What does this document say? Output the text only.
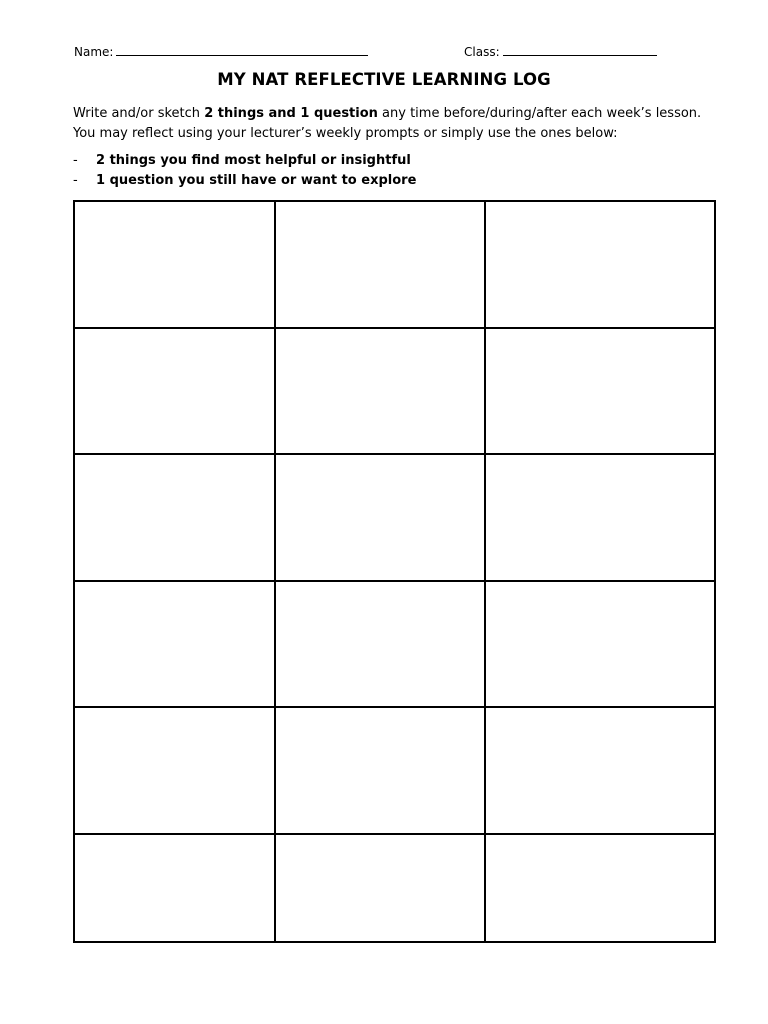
Name:	Class:
MY NAT REFLECTIVE LEARNING LOG

Write and/or sketch 2 things and 1 question any time before/during/after each week’s lesson.

You may reflect using your lecturer’s weekly prompts or simply use the ones below:

- 2 things you find most helpful or insightful
- 1 question you still have or want to explore
